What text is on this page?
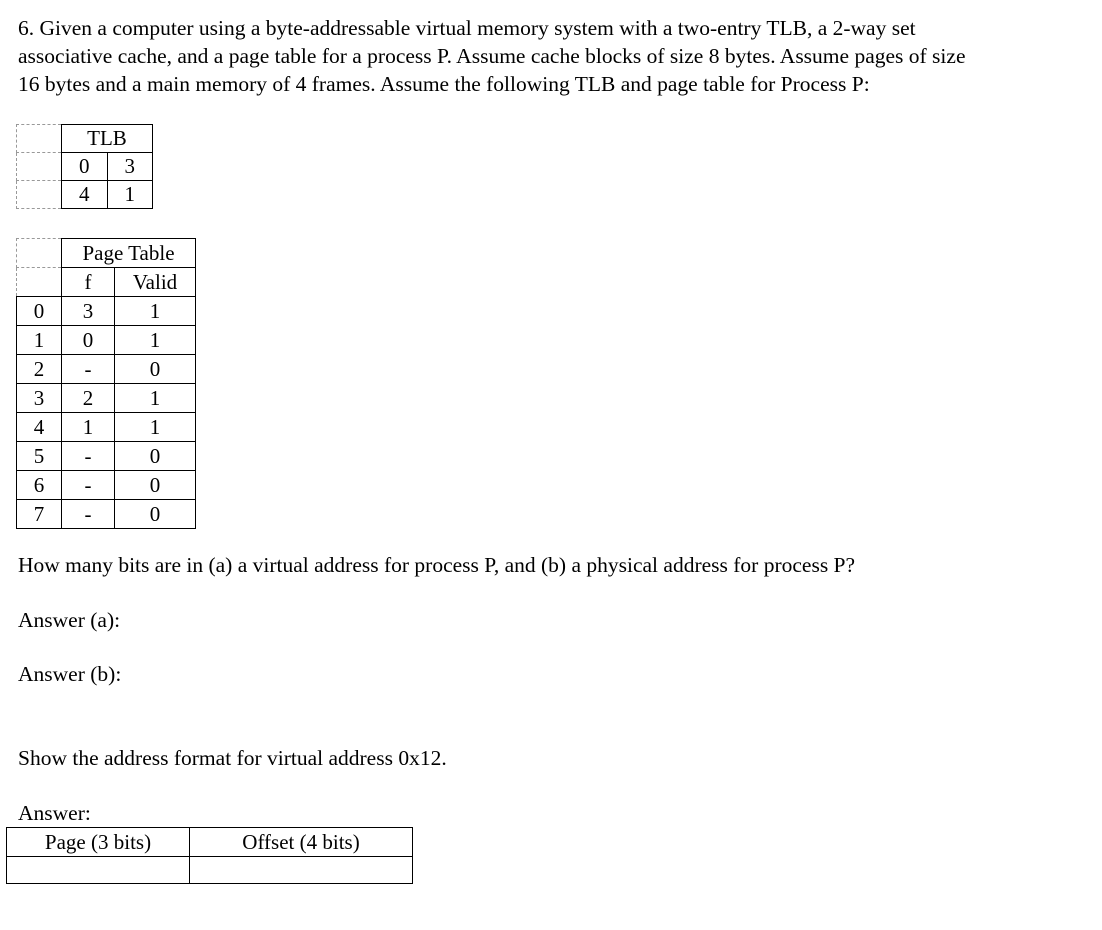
6. Given a computer using a byte-addressable virtual memory system with a two-entry TLB, a 2-way set
associative cache, and a page table for a process P. Assume cache blocks of size 8 bytes. Assume pages of size
16 bytes and a main memory of 4 frames. Assume the following TLB and page table for Process P:
	TLB	
	0	3
	4	1
	Page Table	
	f	Valid
0	3	1
1	0	1
2	-	0
3	2	1
4	1	1
5	-	0
6	-	0
7	-	0
How many bits are in (a) a virtual address for process P, and (b) a physical address for process P?
Answer (a):
Answer (b):
Show the address format for virtual address 0x12.
Answer:
Page (3 bits)	Offset (4 bits)
